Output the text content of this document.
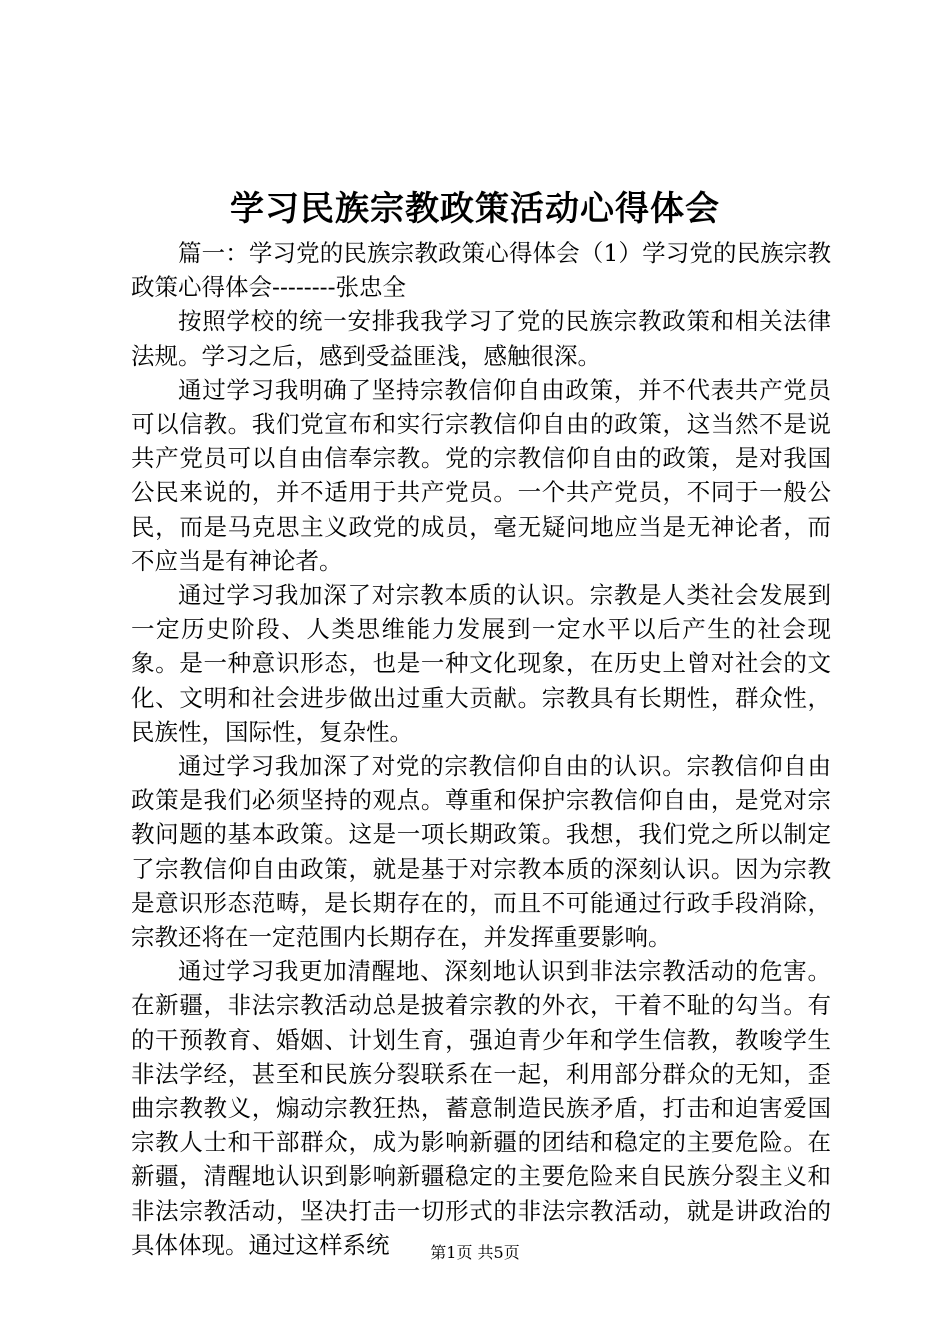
学习民族宗教政策活动心得体会

篇一：学习党的民族宗教政策心得体会（1）学习党的民族宗教政策心得体会--------张忠全

按照学校的统一安排我我学习了党的民族宗教政策和相关法律法规。学习之后，感到受益匪浅，感触很深。

通过学习我明确了坚持宗教信仰自由政策，并不代表共产党员可以信教。我们党宣布和实行宗教信仰自由的政策，这当然不是说共产党员可以自由信奉宗教。党的宗教信仰自由的政策，是对我国公民来说的，并不适用于共产党员。一个共产党员，不同于一般公民，而是马克思主义政党的成员，毫无疑问地应当是无神论者，而不应当是有神论者。

通过学习我加深了对宗教本质的认识。宗教是人类社会发展到一定历史阶段、人类思维能力发展到一定水平以后产生的社会现象。是一种意识形态，也是一种文化现象，在历史上曾对社会的文化、文明和社会进步做出过重大贡献。宗教具有长期性，群众性，民族性，国际性，复杂性。

通过学习我加深了对党的宗教信仰自由的认识。宗教信仰自由政策是我们必须坚持的观点。尊重和保护宗教信仰自由，是党对宗教问题的基本政策。这是一项长期政策。我想，我们党之所以制定了宗教信仰自由政策，就是基于对宗教本质的深刻认识。因为宗教是意识形态范畴，是长期存在的，而且不可能通过行政手段消除，宗教还将在一定范围内长期存在，并发挥重要影响。

通过学习我更加清醒地、深刻地认识到非法宗教活动的危害。在新疆，非法宗教活动总是披着宗教的外衣，干着不耻的勾当。有的干预教育、婚姻、计划生育，强迫青少年和学生信教，教唆学生非法学经，甚至和民族分裂联系在一起，利用部分群众的无知，歪曲宗教教义，煽动宗教狂热，蓄意制造民族矛盾，打击和迫害爱国宗教人士和干部群众，成为影响新疆的团结和稳定的主要危险。在新疆，清醒地认识到影响新疆稳定的主要危险来自民族分裂主义和非法宗教活动，坚决打击一切形式的非法宗教活动，就是讲政治的具体体现。通过这样系统	第1页 共5页
